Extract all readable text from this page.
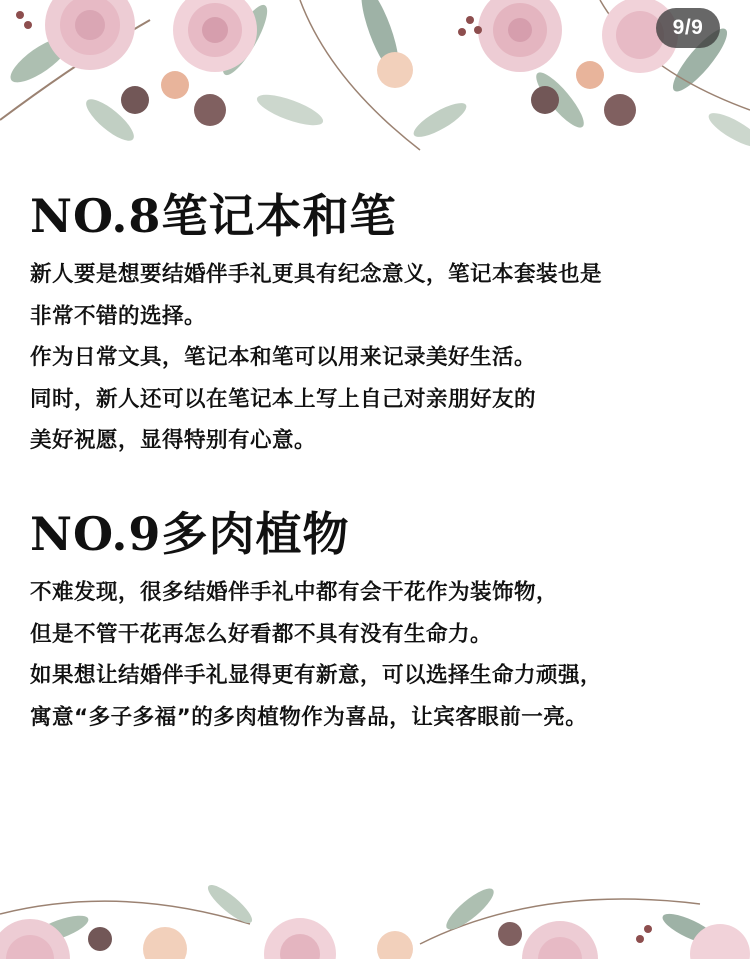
9/9
NO.8笔记本和笔

新人要是想要结婚伴手礼更具有纪念意义，笔记本套装也是

非常不错的选择。

作为日常文具，笔记本和笔可以用来记录美好生活。

同时，新人还可以在笔记本上写上自己对亲朋好友的

美好祝愿，显得特别有心意。

NO.9多肉植物

不难发现，很多结婚伴手礼中都有会干花作为装饰物，

但是不管干花再怎么好看都不具有没有生命力。

如果想让结婚伴手礼显得更有新意，可以选择生命力顽强，

寓意“多子多福”的多肉植物作为喜品，让宾客眼前一亮。
